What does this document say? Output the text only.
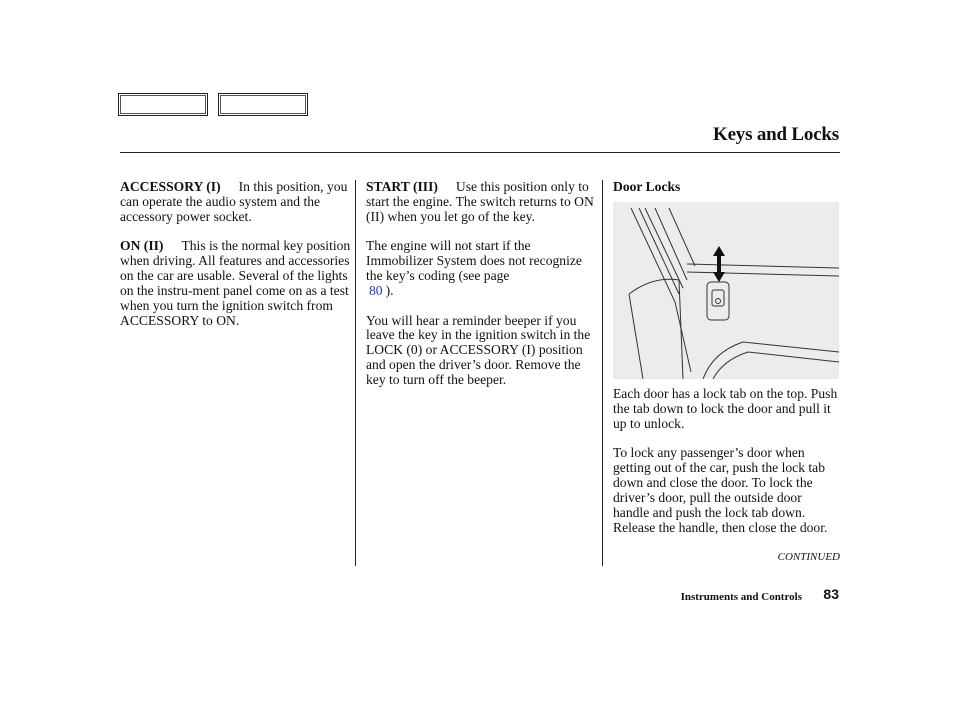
Keys and Locks

ACCESSORY (I) In this position, you can operate the audio system and the accessory power socket.

ON (II) This is the normal key position when driving. All features and accessories on the car are usable. Several of the lights on the instru-ment panel come on as a test when you turn the ignition switch from ACCESSORY to ON.

START (III) Use this position only to start the engine. The switch returns to ON (II) when you let go of the key.

The engine will not start if the Immobilizer System does not recognize the key’s coding (see page
80 ).

You will hear a reminder beeper if you leave the key in the ignition switch in the LOCK (0) or ACCESSORY (I) position and open the driver’s door. Remove the key to turn off the beeper.

Door Locks

Each door has a lock tab on the top. Push the tab down to lock the door and pull it up to unlock.

To lock any passenger’s door when getting out of the car, push the lock tab down and close the door. To lock the driver’s door, pull the outside door handle and push the lock tab down. Release the handle, then close the door.

CONTINUED
Instruments and Controls 83
